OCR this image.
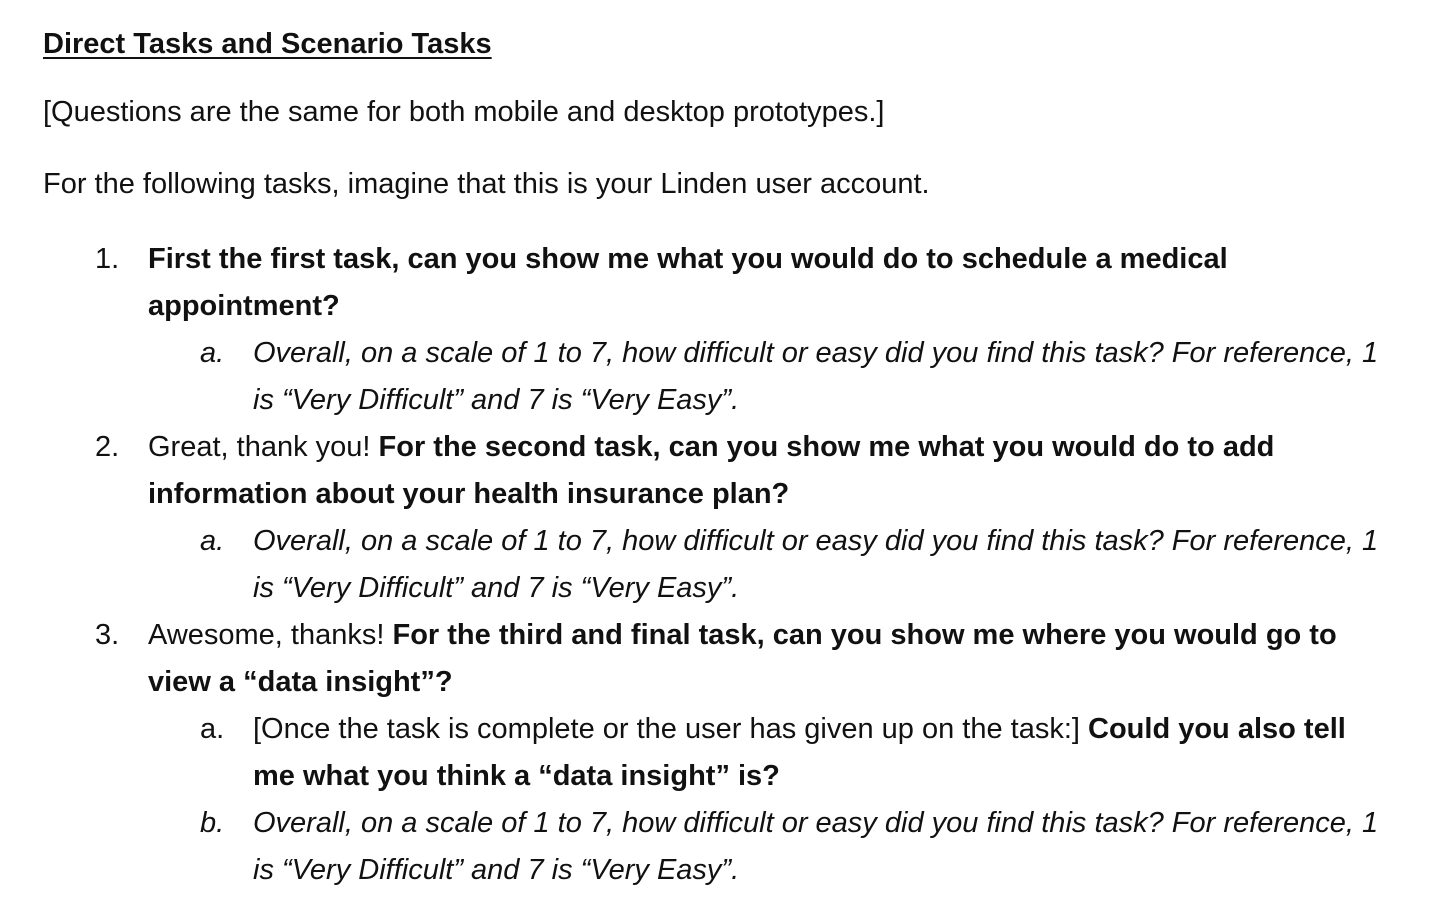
Direct Tasks and Scenario Tasks
[Questions are the same for both mobile and desktop prototypes.]
For the following tasks, imagine that this is your Linden user account.
1. First the first task, can you show me what you would do to schedule a medical appointment?
a. Overall, on a scale of 1 to 7, how difficult or easy did you find this task? For reference, 1 is “Very Difficult” and 7 is “Very Easy”.
2. Great, thank you! For the second task, can you show me what you would do to add information about your health insurance plan?
a. Overall, on a scale of 1 to 7, how difficult or easy did you find this task? For reference, 1 is “Very Difficult” and 7 is “Very Easy”.
3. Awesome, thanks! For the third and final task, can you show me where you would go to view a “data insight”?
a. [Once the task is complete or the user has given up on the task:] Could you also tell me what you think a “data insight” is?
b. Overall, on a scale of 1 to 7, how difficult or easy did you find this task? For reference, 1 is “Very Difficult” and 7 is “Very Easy”.
